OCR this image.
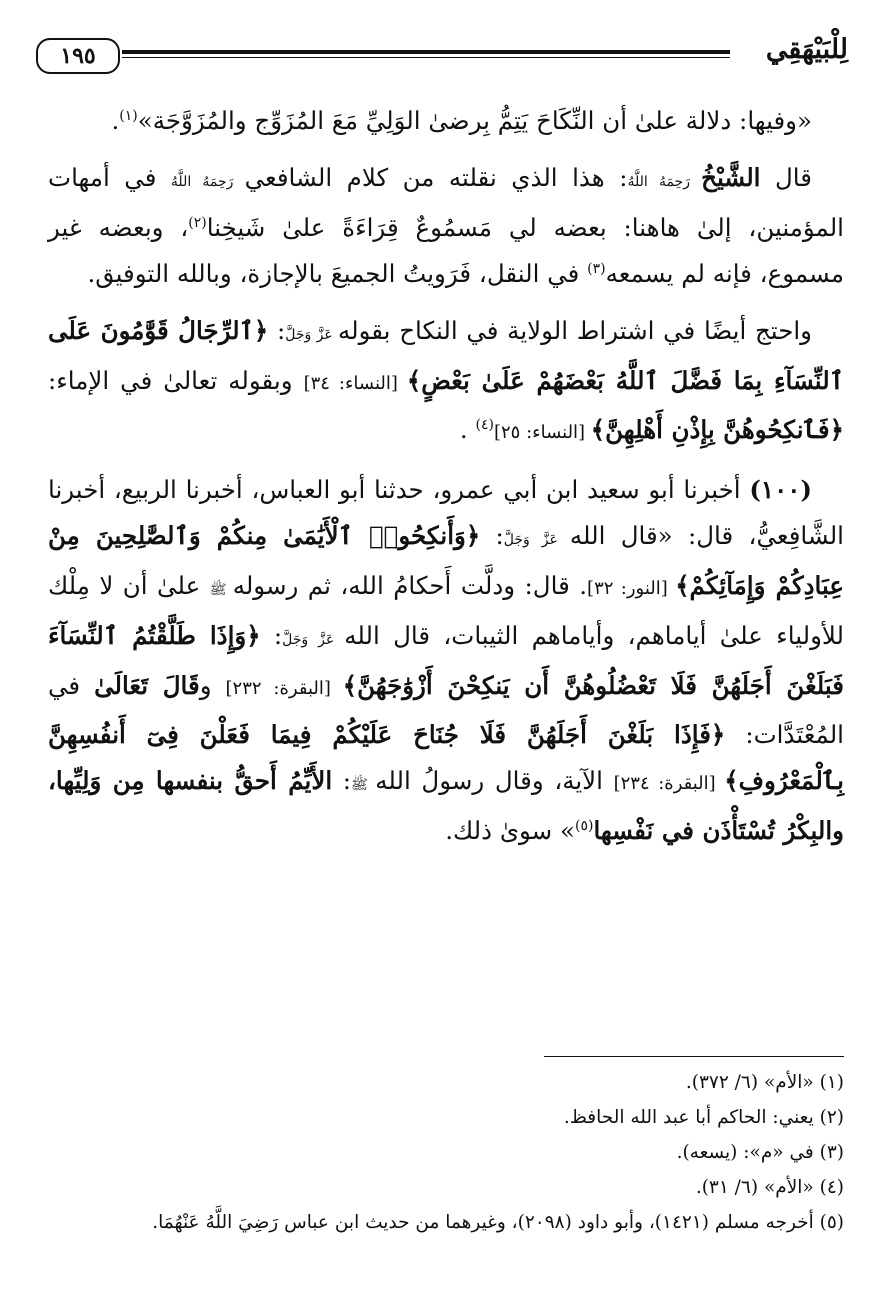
لِلْبَيْهَقِي
١٩٥

«وفيها: دلالة علىٰ أن النِّكَاحَ يَتِمُّ بِرضىٰ الوَلِيِّ مَعَ المُزَوِّج والمُزَوَّجَة»$^{(١)}$.

قال الشَّيْخُ رَحِمَهُ اللَّهُ: هذا الذي نقلته من كلام الشافعي رَحِمَهُ اللَّهُ في أمهات المؤمنين، إلىٰ هاهنا: بعضه لي مَسمُوعٌ قِرَاءَةً علىٰ شَيخِنا$^{(٢)}$، وبعضه غير مسموع، فإنه لم يسمعه$^{(٣)}$ في النقل، فَرَويتُ الجميعَ بالإجازة، وبالله التوفيق.

واحتج أيضًا في اشتراط الولاية في النكاح بقوله عَزَّ وَجَلَّ: ﴿ٱلرِّجَالُ قَوَّٰمُونَ عَلَى ٱلنِّسَآءِ بِمَا فَضَّلَ ٱللَّهُ بَعْضَهُمْ عَلَىٰ بَعْضٍ﴾ [النساء: ٣٤] وبقوله تعالىٰ في الإماء: ﴿فَٱنكِحُوهُنَّ بِإِذْنِ أَهْلِهِنَّ﴾ [النساء: ٢٥]$^{(٤)}$ .

(١٠٠) أخبرنا أبو سعيد ابن أبي عمرو، حدثنا أبو العباس، أخبرنا الربيع، أخبرنا الشَّافِعيُّ، قال: «قال الله عَزَّ وَجَلَّ: ﴿وَأَنكِحُوا۟ ٱلْأَيَٰمَىٰ مِنكُمْ وَٱلصَّٰلِحِينَ مِنْ عِبَادِكُمْ وَإِمَآئِكُمْ﴾ [النور: ٣٢]. قال: ودلَّت أَحكامُ الله، ثم رسوله ﷺ علىٰ أن لا مِلْك للأولياء علىٰ أياماهم، وأياماهم الثيبات، قال الله عَزَّ وَجَلَّ: ﴿وَإِذَا طَلَّقْتُمُ ٱلنِّسَآءَ فَبَلَغْنَ أَجَلَهُنَّ فَلَا تَعْضُلُوهُنَّ أَن يَنكِحْنَ أَزْوَٰجَهُنَّ﴾ [البقرة: ٢٣٢] وقَالَ تَعَالَىٰ في المُعْتَدَّات: ﴿فَإِذَا بَلَغْنَ أَجَلَهُنَّ فَلَا جُنَاحَ عَلَيْكُمْ فِيمَا فَعَلْنَ فِىٓ أَنفُسِهِنَّ بِٱلْمَعْرُوفِ﴾ [البقرة: ٢٣٤] الآية، وقال رسولُ الله ﷺ: الأَيِّمُ أَحقُّ بنفسها مِن وَلِيِّها، والبِكْرُ تُسْتَأْذَن في نَفْسِها$^{(٥)}$» سوىٰ ذلك.

(١) «الأم» (٦/ ٣٧٢).
(٢) يعني: الحاكم أبا عبد الله الحافظ.
(٣) في «م»: (يسعه).
(٤) «الأم» (٦/ ٣١).
(٥) أخرجه مسلم (١٤٢١)، وأبو داود (٢٠٩٨)، وغيرهما من حديث ابن عباس رَضِيَ اللَّهُ عَنْهُمَا.
